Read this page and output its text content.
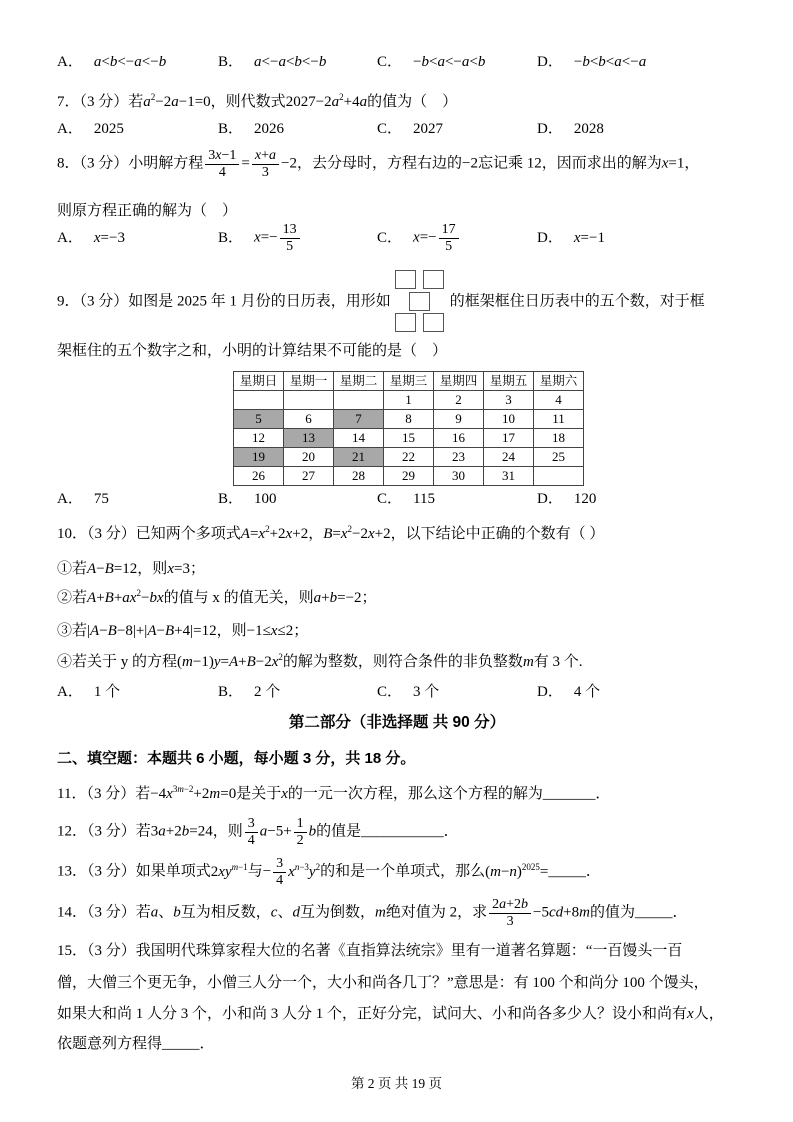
A． a<b<−a<−b	B． a<−a<b<−b	C． −b<a<−a<b	D． −b<b<a<−a
7．（3 分）若$a^2-2a-1=0$，则代数式$2027-2a^2+4a$的值为（　）
A． 2025	B． 2026	C． 2027	D． 2028
8．（3 分）小明解方程 $\frac{3x-1}{4} = \frac{x+a}{3} -2$，去分母时，方程右边的−2忘记乘 12，因而求出的解为x=1，
则原方程正确的解为（　）
A． x=−3	B． $x=- \frac{13}{5}$	C． $x=- \frac{17}{5}$	D． x=−1
9．（3 分）如图是 2025 年 1 月份的日历表，用形如	的框架框住日历表中的五个数，对于框
架框住的五个数字之和，小明的计算结果不可能的是（　）
星期日	星期一	星期二	星期三	星期四	星期五	星期六
			1	2	3	4
5	6	7	8	9	10	11
12	13	14	15	16	17	18
19	20	21	22	23	24	25
26	27	28	29	30	31	
A． 75	B． 100	C． 115	D． 120
10．（3 分）已知两个多项式$A=x^2+2x+2$，$B=x^2-2x+2$，以下结论中正确的个数有（ ）
①若A−B=12，则x=3；
②若$A+B+ax^2-bx$的值与 x 的值无关，则a+b=−2；
③若|A−B−8|+|A−B+4|=12，则−1≤x≤2；
④若关于 y 的方程$(m-1)y=A+B-2x^2$的解为整数，则符合条件的非负整数m有 3 个.
A． 1 个	B． 2 个	C． 3 个	D． 4 个
第二部分（非选择题 共 90 分）
二、填空题：本题共 6 小题，每小题 3 分，共 18 分。
11．（3 分）若$-4x^{3m-2}+2m=0$是关于x的一元一次方程，那么这个方程的解为_______．
12．（3 分）若3a+2b=24，则 $\frac{3}{4} a-5+ \frac{1}{2}$ b的值是___________．
13．（3 分）如果单项式$2xy^{m-1}$与− $\frac{3}{4} x^{n-3}y^2$的和是一个单项式，那么$(m-n)^{2025}=\_\_\_\_\_$．
14．（3 分）若a、b互为相反数，c、d互为倒数，m绝对值为 2，求 $\frac{2a+2b}{3} -5cd+8m$的值为_____．
15．（3 分）我国明代珠算家程大位的名著《直指算法统宗》里有一道著名算题：“一百馒头一百
僧，大僧三个更无争，小僧三人分一个，大小和尚各几丁？”意思是：有 100 个和尚分 100 个馒头，
如果大和尚 1 人分 3 个，小和尚 3 人分 1 个，正好分完，试问大、小和尚各多少人？设小和尚有x人，
依题意列方程得_____．
第 2 页 共 19 页
